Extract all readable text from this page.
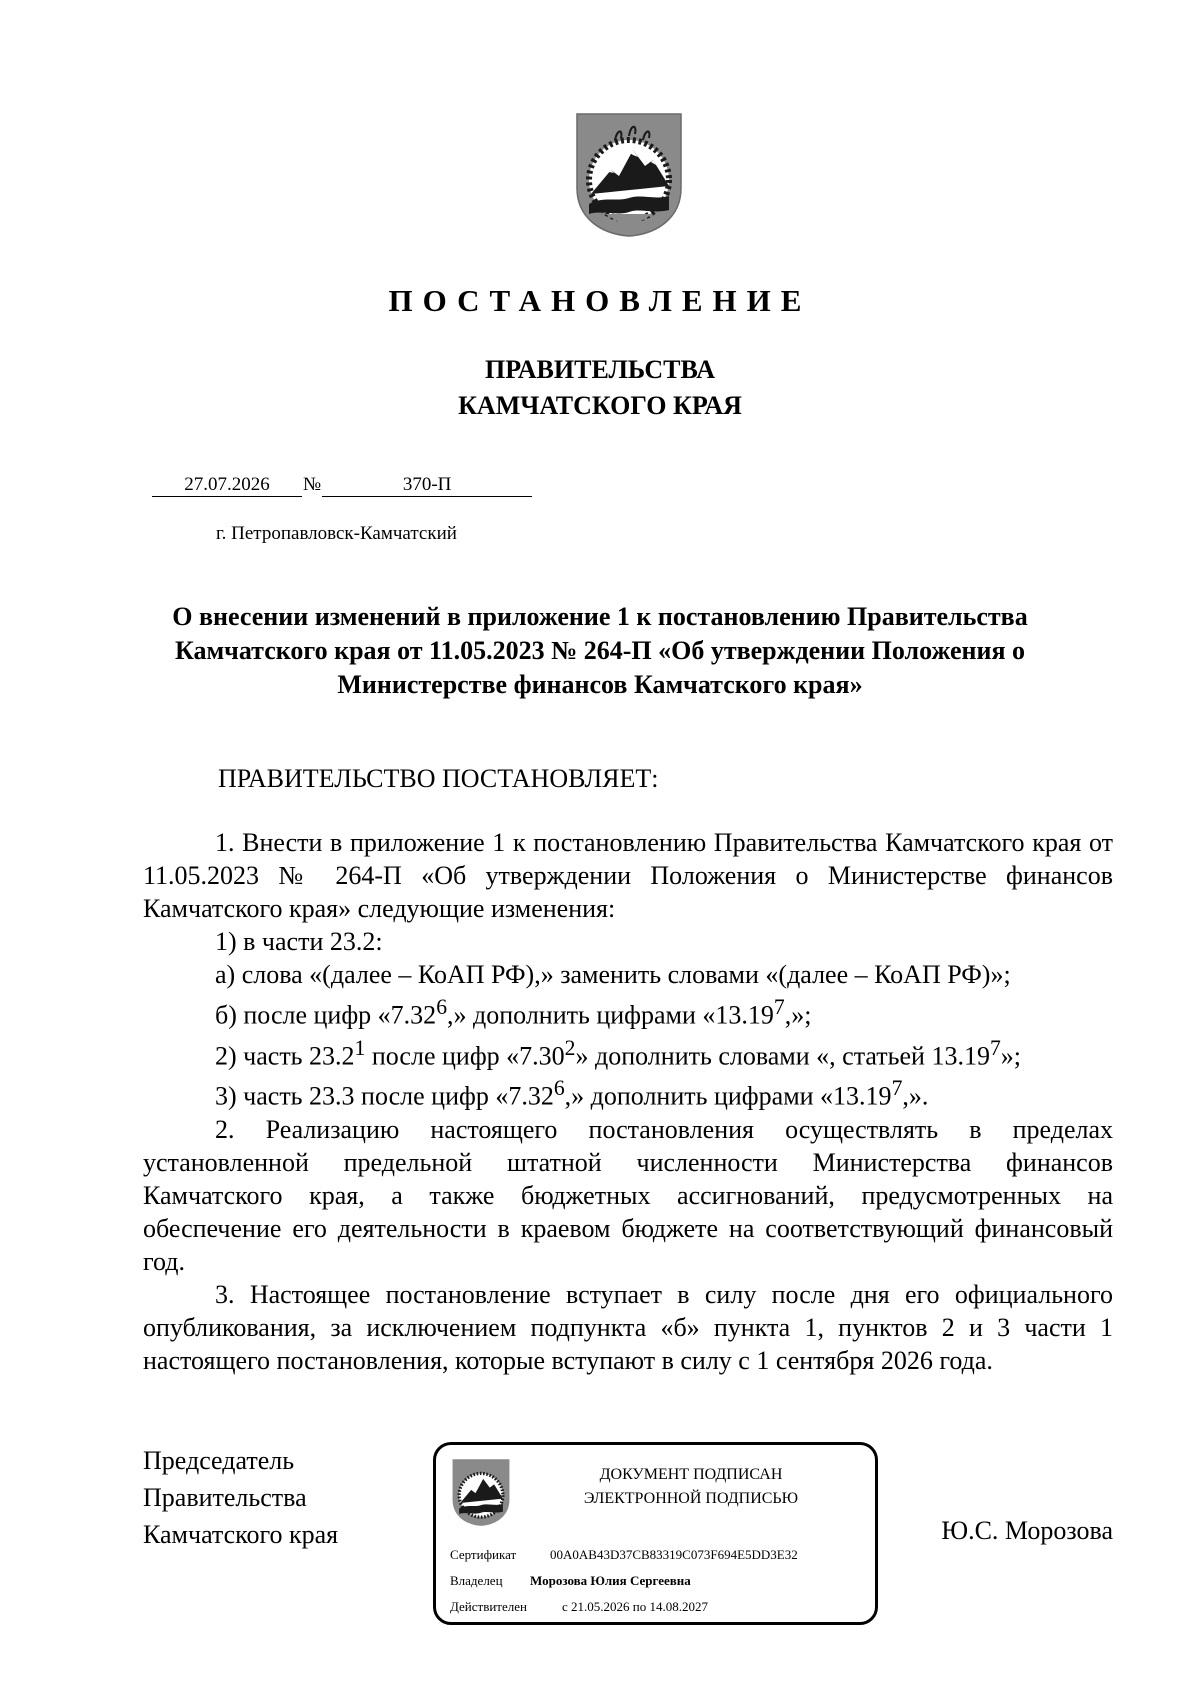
ПОСТАНОВЛЕНИЕ
ПРАВИТЕЛЬСТВА
КАМЧАТСКОГО КРАЯ
27.07.2026 №	370-П
г. Петропавловск-Камчатский
О внесении изменений в приложение 1 к постановлению Правительства Камчатского края от 11.05.2023 № 264-П «Об утверждении Положения о Министерстве финансов Камчатского края»
ПРАВИТЕЛЬСТВО ПОСТАНОВЛЯЕТ:

1. Внести в приложение 1 к постановлению Правительства Камчатского края от 11.05.2023 № 264-П «Об утверждении Положения о Министерстве финансов Камчатского края» следующие изменения:

1) в части 23.2:

а) слова «(далее – КоАП РФ),» заменить словами «(далее – КоАП РФ)»;

б) после цифр «7.32$^6$,» дополнить цифрами «13.19$^7$,»;

2) часть 23.2$^1$ после цифр «7.30$^2$» дополнить словами «, статьей 13.19$^7$»;

3) часть 23.3 после цифр «7.32$^6$,» дополнить цифрами «13.19$^7$,».

2. Реализацию настоящего постановления осуществлять в пределах установленной предельной штатной численности Министерства финансов Камчатского края, а также бюджетных ассигнований, предусмотренных на обеспечение его деятельности в краевом бюджете на соответствующий финансовый год.

3. Настоящее постановление вступает в силу после дня его официального опубликования, за исключением подпункта «б» пункта 1, пунктов 2 и 3 части 1 настоящего постановления, которые вступают в силу с 1 сентября 2026 года.

Председатель
Правительства
Камчатского края
ДОКУМЕНТ ПОДПИСАН
ЭЛЕКТРОННОЙ ПОДПИСЬЮ
Сертификат	00A0AB43D37CB83319C073F694E5DD3E32
Владелец Морозова Юлия Сергеевна
Действителен	с 21.05.2026 по 14.08.2027
Ю.С. Морозова
